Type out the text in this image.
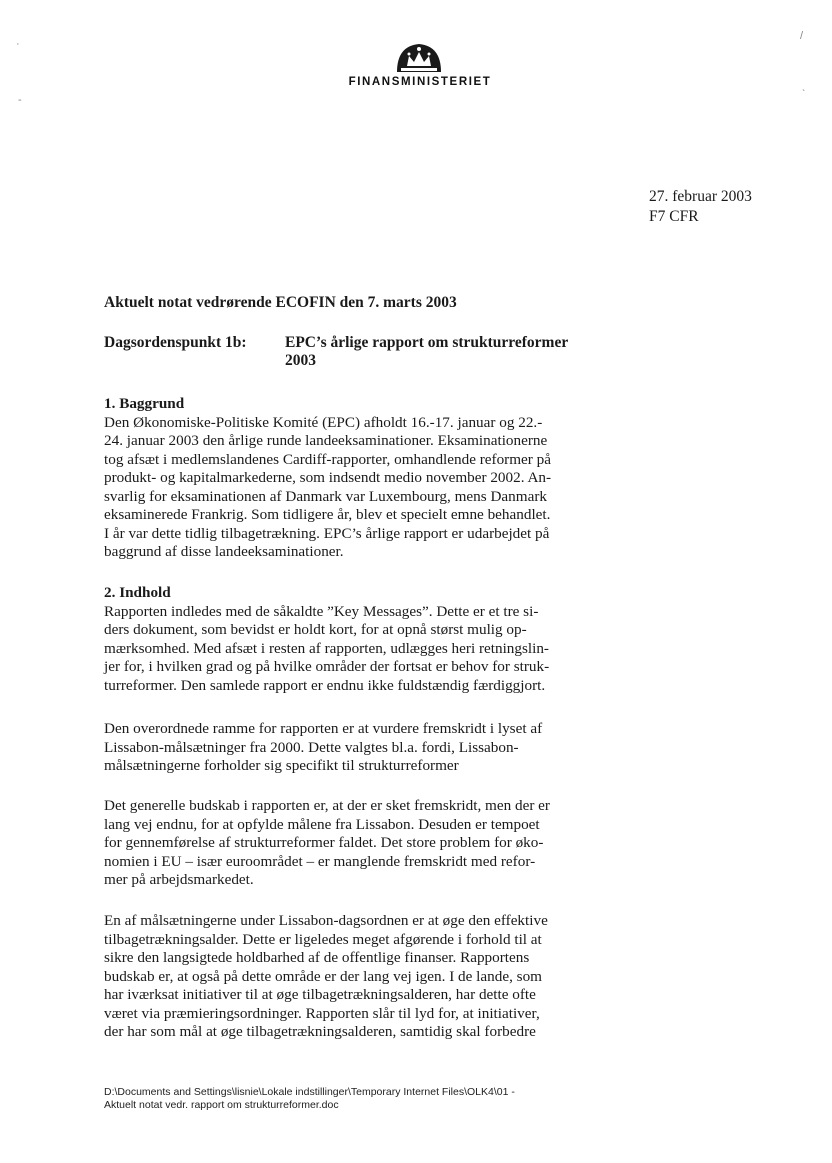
FINANSMINISTERIET
·
-
/
ˎ
27. februar 2003
F7 CFR
Aktuelt notat vedrørende ECOFIN den 7. marts 2003
Dagsordenspunkt 1b: EPC’s årlige rapport om strukturreformer
2003
1. Baggrund
Den Økonomiske-Politiske Komité (EPC) afholdt 16.-17. januar og 22.-
24. januar 2003 den årlige runde landeeksaminationer. Eksaminationerne
tog afsæt i medlemslandenes Cardiff-rapporter, omhandlende reformer på
produkt- og kapitalmarkederne, som indsendt medio november 2002. An-
svarlig for eksaminationen af Danmark var Luxembourg, mens Danmark
eksaminerede Frankrig. Som tidligere år, blev et specielt emne behandlet.
I år var dette tidlig tilbagetrækning. EPC’s årlige rapport er udarbejdet på
baggrund af disse landeeksaminationer.
2. Indhold
Rapporten indledes med de såkaldte ”Key Messages”. Dette er et tre si-
ders dokument, som bevidst er holdt kort, for at opnå størst mulig op-
mærksomhed. Med afsæt i resten af rapporten, udlægges heri retningslin-
jer for, i hvilken grad og på hvilke områder der fortsat er behov for struk-
turreformer. Den samlede rapport er endnu ikke fuldstændig færdiggjort.
Den overordnede ramme for rapporten er at vurdere fremskridt i lyset af
Lissabon-målsætninger fra 2000. Dette valgtes bl.a. fordi, Lissabon-
målsætningerne forholder sig specifikt til strukturreformer
Det generelle budskab i rapporten er, at der er sket fremskridt, men der er
lang vej endnu, for at opfylde målene fra Lissabon. Desuden er tempoet
for gennemførelse af strukturreformer faldet. Det store problem for øko-
nomien i EU – især euroområdet – er manglende fremskridt med refor-
mer på arbejdsmarkedet.
En af målsætningerne under Lissabon-dagsordnen er at øge den effektive
tilbagetrækningsalder. Dette er ligeledes meget afgørende i forhold til at
sikre den langsigtede holdbarhed af de offentlige finanser. Rapportens
budskab er, at også på dette område er der lang vej igen. I de lande, som
har iværksat initiativer til at øge tilbagetrækningsalderen, har dette ofte
været via præmieringsordninger. Rapporten slår til lyd for, at initiativer,
der har som mål at øge tilbagetrækningsalderen, samtidig skal forbedre
D:\Documents and Settings\lisnie\Lokale indstillinger\Temporary Internet Files\OLK4\01 -
Aktuelt notat vedr. rapport om strukturreformer.doc
